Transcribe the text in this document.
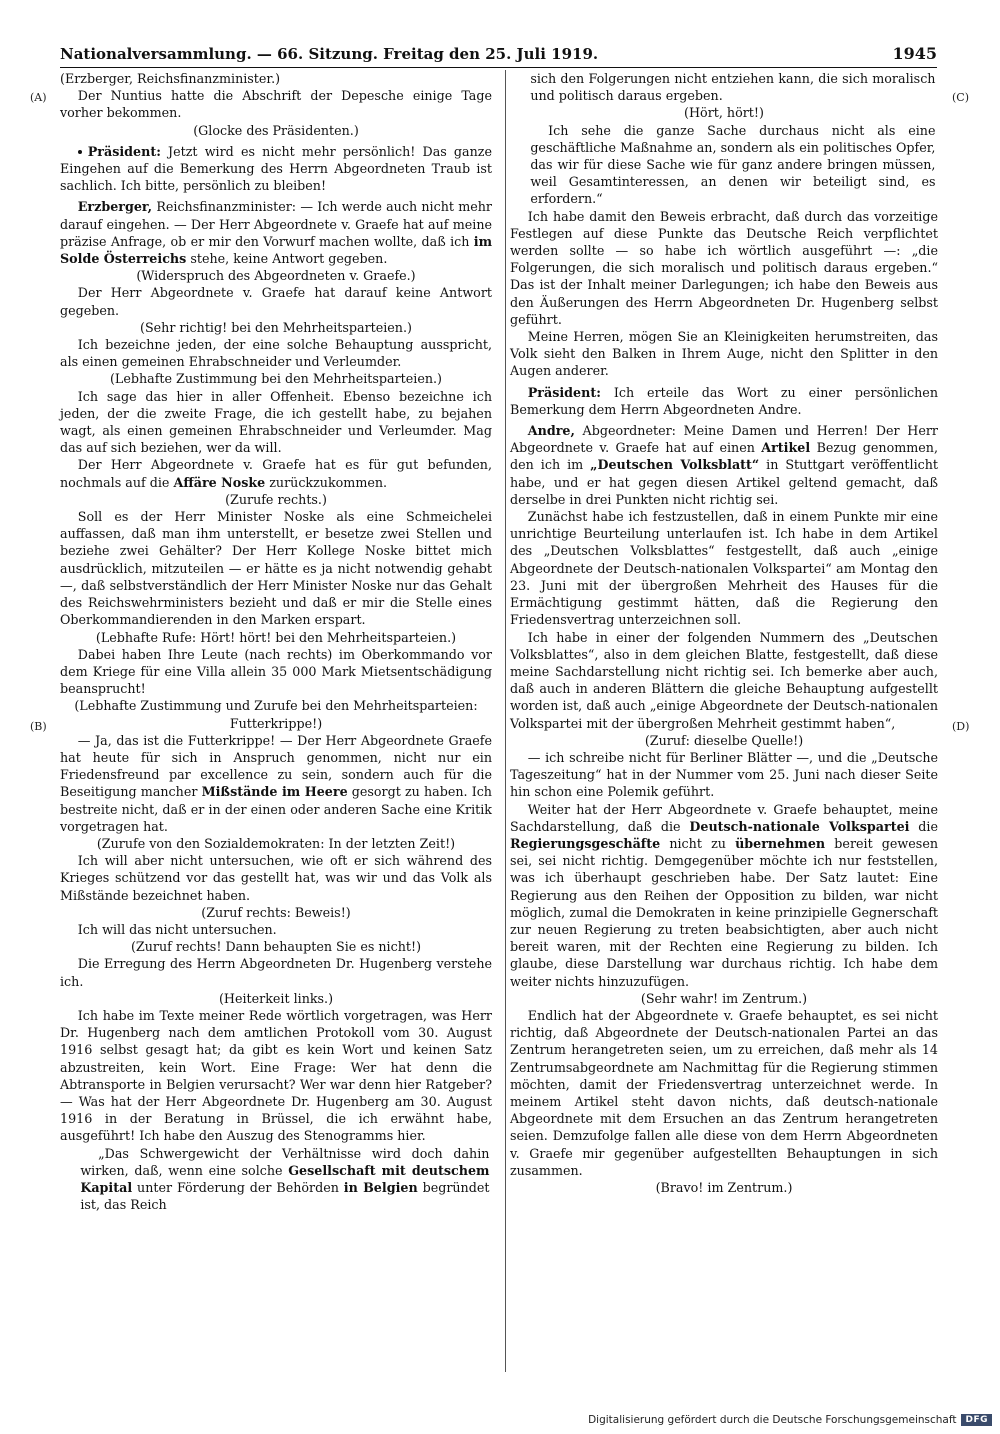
Nationalversammlung. — 66. Sitzung. Freitag den 25. Juli 1919.	1945
(A)
(B)
(C)
(D)

(Erzberger, Reichsfinanzminister.)

Der Nuntius hatte die Abschrift der Depesche einige Tage vorher bekommen.

(Glocke des Präsidenten.)

Präsident: Jetzt wird es nicht mehr persönlich! Das ganze Eingehen auf die Bemerkung des Herrn Abgeordneten Traub ist sachlich. Ich bitte, persönlich zu bleiben!

Erzberger, Reichsfinanzminister: — Ich werde auch nicht mehr darauf eingehen. — Der Herr Abgeordnete v. Graefe hat auf meine präzise Anfrage, ob er mir den Vorwurf machen wollte, daß ich im Solde Österreichs stehe, keine Antwort gegeben.

(Widerspruch des Abgeordneten v. Graefe.)

Der Herr Abgeordnete v. Graefe hat darauf keine Antwort gegeben.

(Sehr richtig! bei den Mehrheitsparteien.)

Ich bezeichne jeden, der eine solche Behauptung ausspricht, als einen gemeinen Ehrabschneider und Verleumder.

(Lebhafte Zustimmung bei den Mehrheitsparteien.)

Ich sage das hier in aller Offenheit. Ebenso bezeichne ich jeden, der die zweite Frage, die ich gestellt habe, zu bejahen wagt, als einen gemeinen Ehrabschneider und Verleumder. Mag das auf sich beziehen, wer da will.

Der Herr Abgeordnete v. Graefe hat es für gut befunden, nochmals auf die Affäre Noske zurückzukommen.

(Zurufe rechts.)

Soll es der Herr Minister Noske als eine Schmeichelei auffassen, daß man ihm unterstellt, er besetze zwei Stellen und beziehe zwei Gehälter? Der Herr Kollege Noske bittet mich ausdrücklich, mitzuteilen — er hätte es ja nicht notwendig gehabt —, daß selbstverständlich der Herr Minister Noske nur das Gehalt des Reichswehrministers bezieht und daß er mir die Stelle eines Oberkommandierenden in den Marken erspart.

(Lebhafte Rufe: Hört! hört! bei den Mehrheitsparteien.)

Dabei haben Ihre Leute (nach rechts) im Oberkommando vor dem Kriege für eine Villa allein 35 000 Mark Mietsentschädigung beansprucht!

(Lebhafte Zustimmung und Zurufe bei den Mehrheitsparteien: Futterkrippe!)

— Ja, das ist die Futterkrippe! — Der Herr Abgeordnete Graefe hat heute für sich in Anspruch genommen, nicht nur ein Friedensfreund par excellence zu sein, sondern auch für die Beseitigung mancher Mißstände im Heere gesorgt zu haben. Ich bestreite nicht, daß er in der einen oder anderen Sache eine Kritik vorgetragen hat.

(Zurufe von den Sozialdemokraten: In der letzten Zeit!)

Ich will aber nicht untersuchen, wie oft er sich während des Krieges schützend vor das gestellt hat, was wir und das Volk als Mißstände bezeichnet haben.

(Zuruf rechts: Beweis!)

Ich will das nicht untersuchen.

(Zuruf rechts! Dann behaupten Sie es nicht!)

Die Erregung des Herrn Abgeordneten Dr. Hugenberg verstehe ich.

(Heiterkeit links.)

Ich habe im Texte meiner Rede wörtlich vorgetragen, was Herr Dr. Hugenberg nach dem amtlichen Protokoll vom 30. August 1916 selbst gesagt hat; da gibt es kein Wort und keinen Satz abzustreiten, kein Wort. Eine Frage: Wer hat denn die Abtransporte in Belgien verursacht? Wer war denn hier Ratgeber? — Was hat der Herr Abgeordnete Dr. Hugenberg am 30. August 1916 in der Beratung in Brüssel, die ich erwähnt habe, ausgeführt! Ich habe den Auszug des Stenogramms hier.

„Das Schwergewicht der Verhältnisse wird doch dahin wirken, daß, wenn eine solche Gesellschaft mit deutschem Kapital unter Förderung der Behörden in Belgien begründet ist, das Reich

sich den Folgerungen nicht entziehen kann, die sich moralisch und politisch daraus ergeben.

(Hört, hört!)

Ich sehe die ganze Sache durchaus nicht als eine geschäftliche Maßnahme an, sondern als ein politisches Opfer, das wir für diese Sache wie für ganz andere bringen müssen, weil Gesamtinteressen, an denen wir beteiligt sind, es erfordern.“

Ich habe damit den Beweis erbracht, daß durch das vorzeitige Festlegen auf diese Punkte das Deutsche Reich verpflichtet werden sollte — so habe ich wörtlich ausgeführt —: „die Folgerungen, die sich moralisch und politisch daraus ergeben.“ Das ist der Inhalt meiner Darlegungen; ich habe den Beweis aus den Äußerungen des Herrn Abgeordneten Dr. Hugenberg selbst geführt.

Meine Herren, mögen Sie an Kleinigkeiten herumstreiten, das Volk sieht den Balken in Ihrem Auge, nicht den Splitter in den Augen anderer.

Präsident: Ich erteile das Wort zu einer persönlichen Bemerkung dem Herrn Abgeordneten Andre.

Andre, Abgeordneter: Meine Damen und Herren! Der Herr Abgeordnete v. Graefe hat auf einen Artikel Bezug genommen, den ich im „Deutschen Volksblatt“ in Stuttgart veröffentlicht habe, und er hat gegen diesen Artikel geltend gemacht, daß derselbe in drei Punkten nicht richtig sei.

Zunächst habe ich festzustellen, daß in einem Punkte mir eine unrichtige Beurteilung unterlaufen ist. Ich habe in dem Artikel des „Deutschen Volksblattes“ festgestellt, daß auch „einige Abgeordnete der Deutsch-nationalen Volkspartei“ am Montag den 23. Juni mit der übergroßen Mehrheit des Hauses für die Ermächtigung gestimmt hätten, daß die Regierung den Friedensvertrag unterzeichnen soll.

Ich habe in einer der folgenden Nummern des „Deutschen Volksblattes“, also in dem gleichen Blatte, festgestellt, daß diese meine Sachdarstellung nicht richtig sei. Ich bemerke aber auch, daß auch in anderen Blättern die gleiche Behauptung aufgestellt worden ist, daß auch „einige Abgeordnete der Deutsch-nationalen Volkspartei mit der übergroßen Mehrheit gestimmt haben“,

(Zuruf: dieselbe Quelle!)

— ich schreibe nicht für Berliner Blätter —, und die „Deutsche Tageszeitung“ hat in der Nummer vom 25. Juni nach dieser Seite hin schon eine Polemik geführt.

Weiter hat der Herr Abgeordnete v. Graefe behauptet, meine Sachdarstellung, daß die Deutsch-nationale Volkspartei die Regierungsgeschäfte nicht zu übernehmen bereit gewesen sei, sei nicht richtig. Demgegenüber möchte ich nur feststellen, was ich überhaupt geschrieben habe. Der Satz lautet: Eine Regierung aus den Reihen der Opposition zu bilden, war nicht möglich, zumal die Demokraten in keine prinzipielle Gegnerschaft zur neuen Regierung zu treten beabsichtigten, aber auch nicht bereit waren, mit der Rechten eine Regierung zu bilden. Ich glaube, diese Darstellung war durchaus richtig. Ich habe dem weiter nichts hinzuzufügen.

(Sehr wahr! im Zentrum.)

Endlich hat der Abgeordnete v. Graefe behauptet, es sei nicht richtig, daß Abgeordnete der Deutsch-nationalen Partei an das Zentrum herangetreten seien, um zu erreichen, daß mehr als 14 Zentrumsabgeordnete am Nachmittag für die Regierung stimmen möchten, damit der Friedensvertrag unterzeichnet werde. In meinem Artikel steht davon nichts, daß deutsch-nationale Abgeordnete mit dem Ersuchen an das Zentrum herangetreten seien. Demzufolge fallen alle diese von dem Herrn Abgeordneten v. Graefe mir gegenüber aufgestellten Behauptungen in sich zusammen.

(Bravo! im Zentrum.)

Digitalisierung gefördert durch die Deutsche Forschungsgemeinschaft	DFG
